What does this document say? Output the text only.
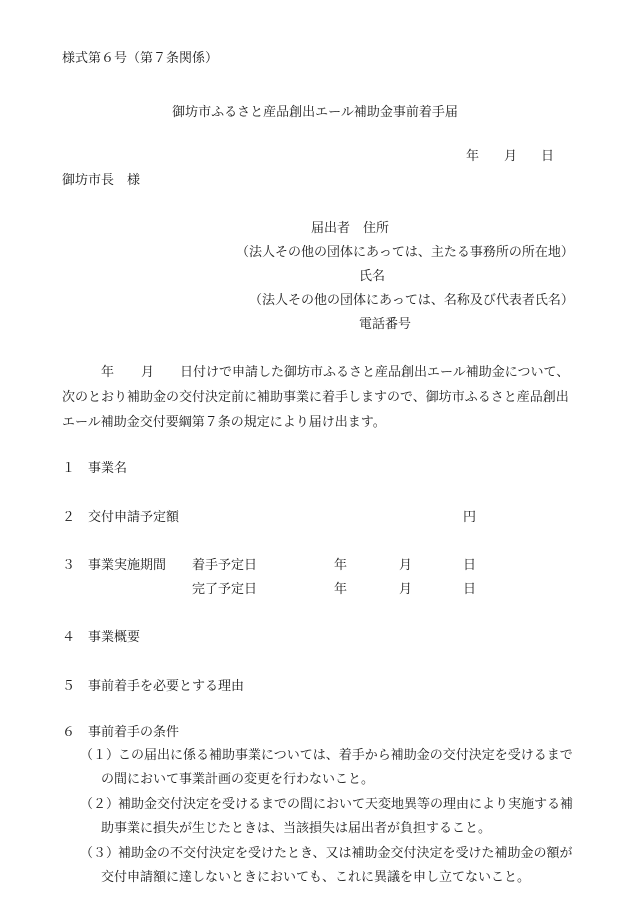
様式第６号（第７条関係）
御坊市ふるさと産品創出エール補助金事前着手届
年 月 日
御坊市長　様
届出者　住所
（法人その他の団体にあっては、主たる事務所の所在地）
氏名
（法人その他の団体にあっては、名称及び代表者氏名）
電話番号
年 月 日付けで申請した御坊市ふるさと産品創出エール補助金について、
次のとおり補助金の交付決定前に補助事業に着手しますので、御坊市ふるさと産品創出
エール補助金交付要綱第７条の規定により届け出ます。
１ 事業名
２ 交付申請予定額	円
３ 事業実施期間 着手予定日	年	月	日
完了予定日	年	月	日
４ 事業概要
５ 事前着手を必要とする理由
６ 事前着手の条件
（１）
この届出に係る補助事業については、着手から補助金の交付決定を受けるまで
の間において事業計画の変更を行わないこと。
（２）
補助金交付決定を受けるまでの間において天変地異等の理由により実施する補
助事業に損失が生じたときは、当該損失は届出者が負担すること。
（３）
補助金の不交付決定を受けたとき、又は補助金交付決定を受けた補助金の額が
交付申請額に達しないときにおいても、これに異議を申し立てないこと。
